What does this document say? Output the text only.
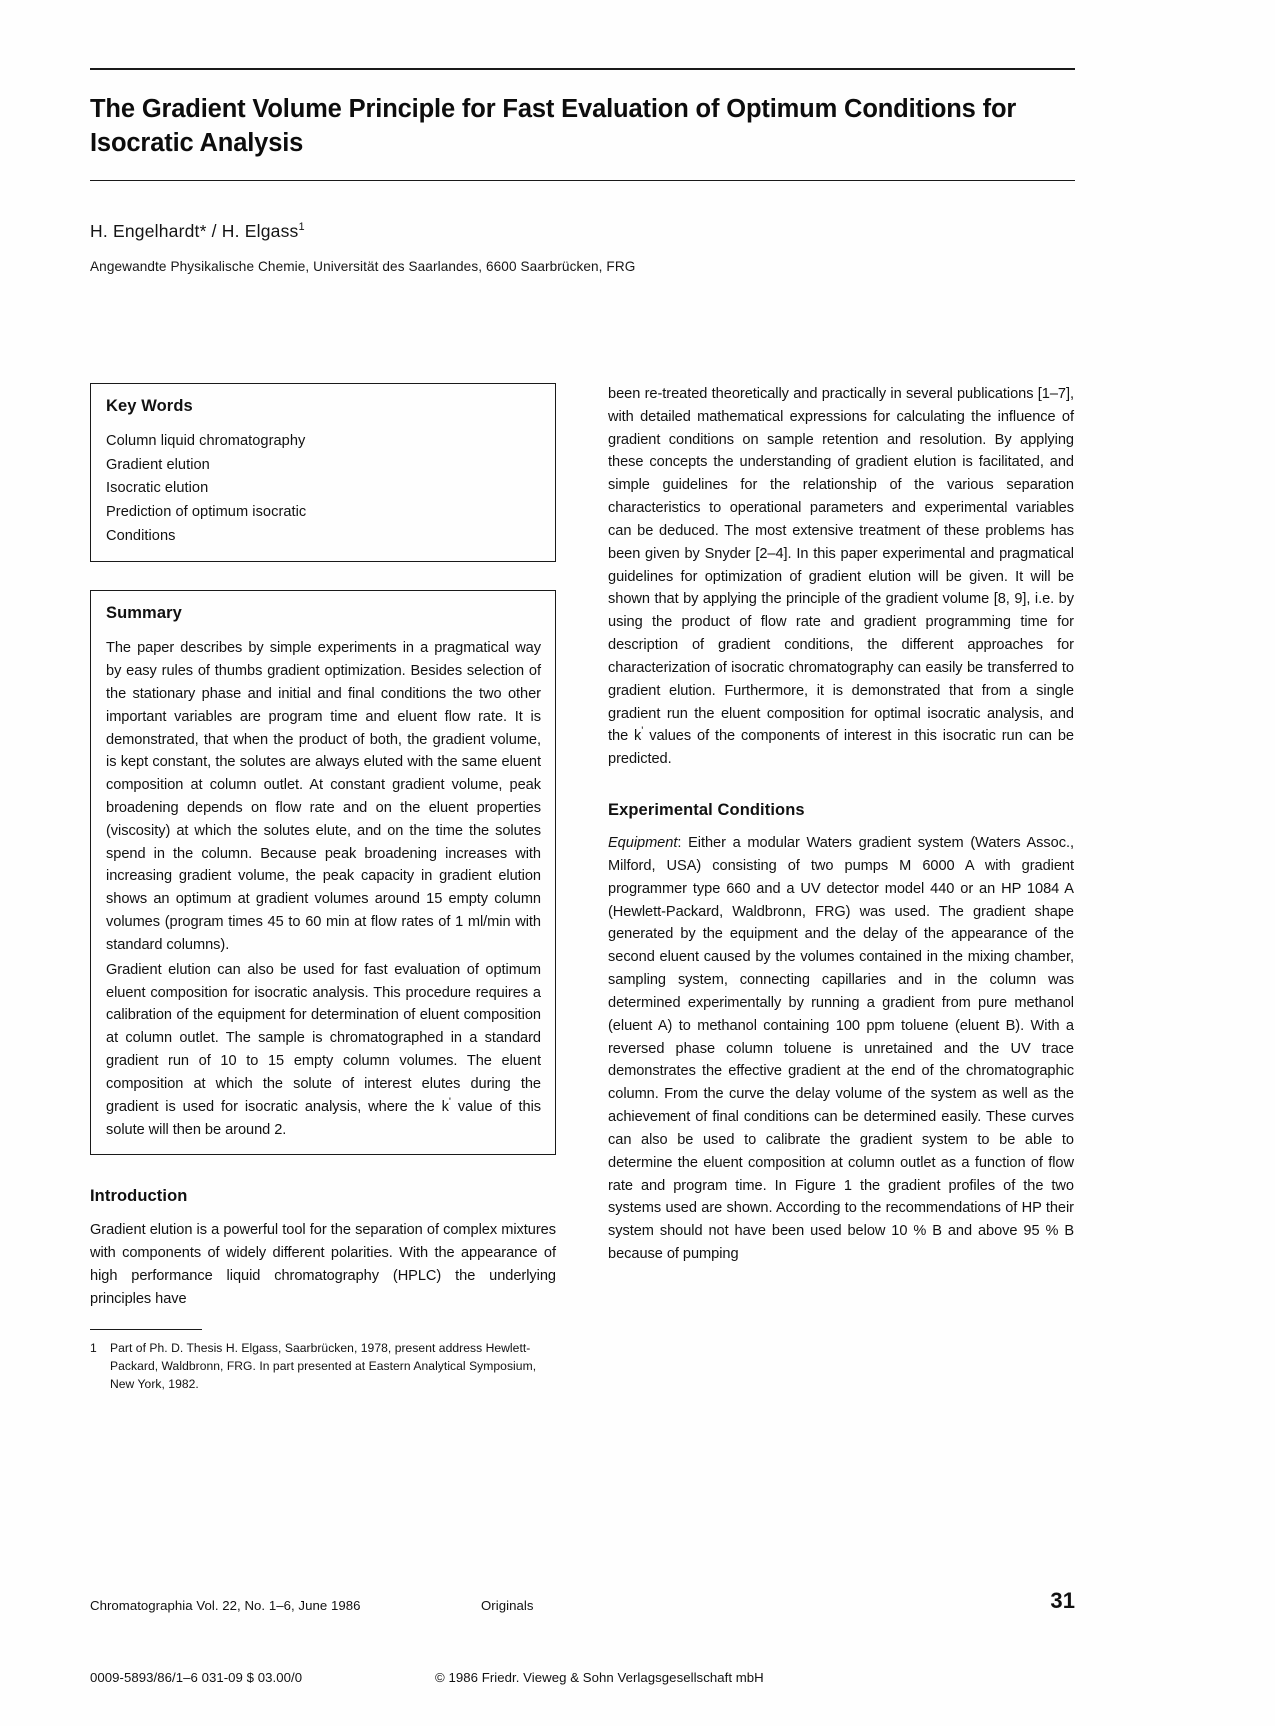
The Gradient Volume Principle for Fast Evaluation of Optimum Conditions for Isocratic Analysis

H. Engelhardt* / H. Elgass$^1$

Angewandte Physikalische Chemie, Universität des Saarlandes, 6600 Saarbrücken, FRG

Key Words
Column liquid chromatography
Gradient elution
Isocratic elution
Prediction of optimum isocratic
Conditions
Summary

The paper describes by simple experiments in a pragmatical way by easy rules of thumbs gradient optimization. Besides selection of the stationary phase and initial and final conditions the two other important variables are program time and eluent flow rate. It is demonstrated, that when the product of both, the gradient volume, is kept constant, the solutes are always eluted with the same eluent composition at column outlet. At constant gradient volume, peak broadening depends on flow rate and on the eluent properties (viscosity) at which the solutes elute, and on the time the solutes spend in the column. Because peak broadening increases with increasing gradient volume, the peak capacity in gradient elution shows an optimum at gradient volumes around 15 empty column volumes (program times 45 to 60 min at flow rates of 1 ml/min with standard columns).

Gradient elution can also be used for fast evaluation of optimum eluent composition for isocratic analysis. This procedure requires a calibration of the equipment for determination of eluent composition at column outlet. The sample is chromatographed in a standard gradient run of 10 to 15 empty column volumes. The eluent composition at which the solute of interest elutes during the gradient is used for isocratic analysis, where the k' value of this solute will then be around 2.

Introduction

Gradient elution is a powerful tool for the separation of complex mixtures with components of widely different polarities. With the appearance of high performance liquid chromatography (HPLC) the underlying principles have

1	Part of Ph. D. Thesis H. Elgass, Saarbrücken, 1978, present address Hewlett-Packard, Waldbronn, FRG. In part presented at Eastern Analytical Symposium, New York, 1982.

been re-treated theoretically and practically in several publications [1–7], with detailed mathematical expressions for calculating the influence of gradient conditions on sample retention and resolution. By applying these concepts the understanding of gradient elution is facilitated, and simple guidelines for the relationship of the various separation characteristics to operational parameters and experimental variables can be deduced. The most extensive treatment of these problems has been given by Snyder [2–4]. In this paper experimental and pragmatical guidelines for optimization of gradient elution will be given. It will be shown that by applying the principle of the gradient volume [8, 9], i.e. by using the product of flow rate and gradient programming time for description of gradient conditions, the different approaches for characterization of isocratic chromatography can easily be transferred to gradient elution. Furthermore, it is demonstrated that from a single gradient run the eluent composition for optimal isocratic analysis, and the k' values of the components of interest in this isocratic run can be predicted.

Experimental Conditions

Equipment: Either a modular Waters gradient system (Waters Assoc., Milford, USA) consisting of two pumps M 6000 A with gradient programmer type 660 and a UV detector model 440 or an HP 1084 A (Hewlett-Packard, Waldbronn, FRG) was used. The gradient shape generated by the equipment and the delay of the appearance of the second eluent caused by the volumes contained in the mixing chamber, sampling system, connecting capillaries and in the column was determined experimentally by running a gradient from pure methanol (eluent A) to methanol containing 100 ppm toluene (eluent B). With a reversed phase column toluene is unretained and the UV trace demonstrates the effective gradient at the end of the chromatographic column. From the curve the delay volume of the system as well as the achievement of final conditions can be determined easily. These curves can also be used to calibrate the gradient system to be able to determine the eluent composition at column outlet as a function of flow rate and program time. In Figure 1 the gradient profiles of the two systems used are shown. According to the recommendations of HP their system should not have been used below 10 % B and above 95 % B because of pumping

Chromatographia Vol. 22, No. 1–6, June 1986	Originals	31
0009-5893/86/1–6 031-09 $ 03.00/0	© 1986 Friedr. Vieweg & Sohn Verlagsgesellschaft mbH
